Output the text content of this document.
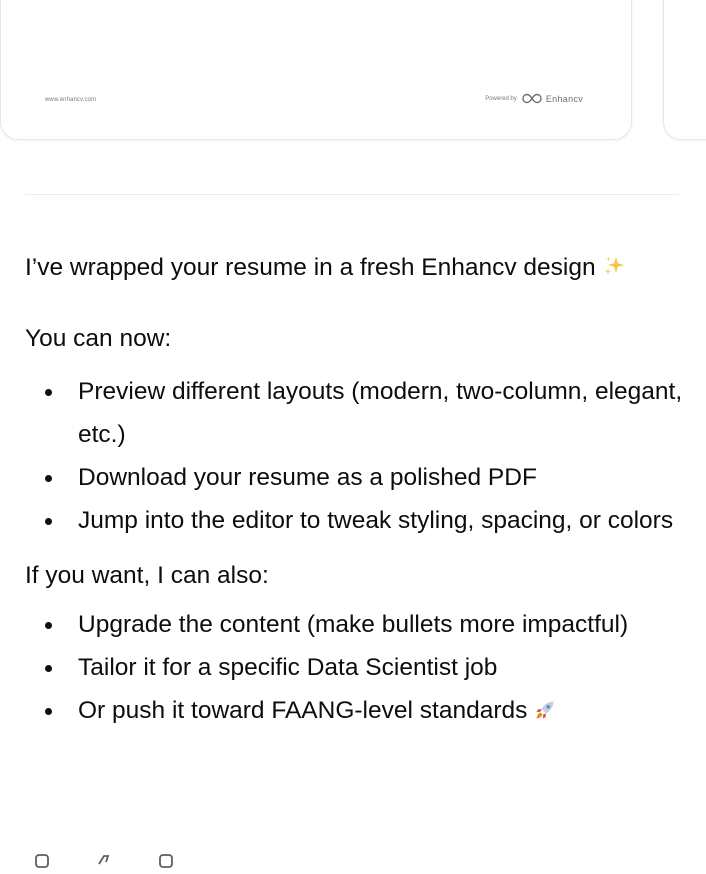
www.enhancv.com	Powered by	Enhancv

I’ve wrapped your resume in a fresh Enhancv design

You can now:

Preview different layouts (modern, two-column, elegant, etc.)
Download your resume as a polished PDF
Jump into the editor to tweak styling, spacing, or colors

If you want, I can also:

Upgrade the content (make bullets more impactful)
Tailor it for a specific Data Scientist job
Or push it toward FAANG-level standards
